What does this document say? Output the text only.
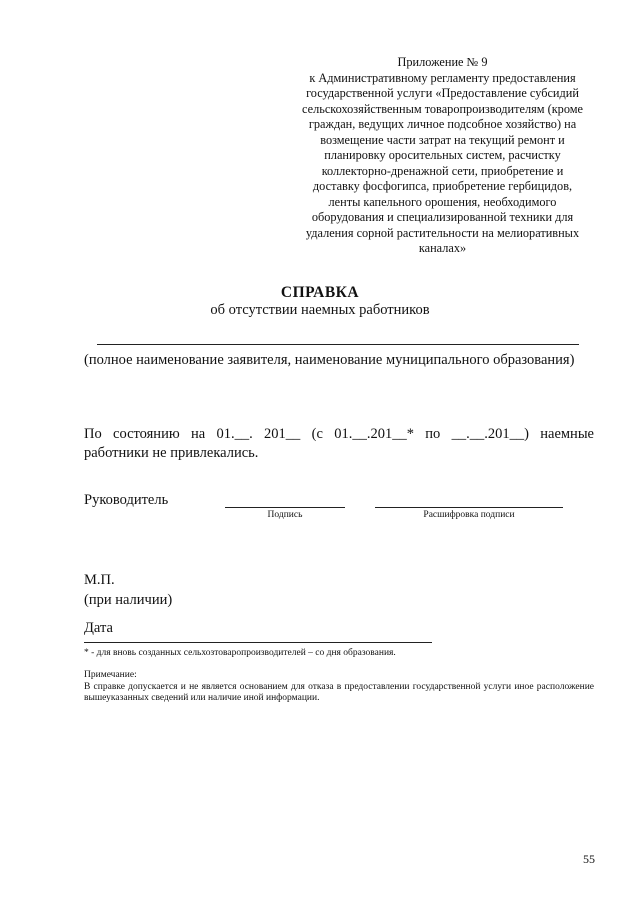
Приложение № 9
к Административному регламенту предоставления
государственной услуги «Предоставление субсидий
сельскохозяйственным товаропроизводителям (кроме
граждан, ведущих личное подсобное хозяйство) на
возмещение части затрат на текущий ремонт и
планировку оросительных систем, расчистку
коллекторно-дренажной сети, приобретение и
доставку фосфогипса, приобретение гербицидов,
ленты капельного орошения, необходимого
оборудования и специализированной техники для
удаления сорной растительности на мелиоративных
каналах»
СПРАВКА
об отсутствии наемных работников
(полное наименование заявителя, наименование муниципального образования)
По состоянию на 01.__. 201__ (с 01.__.201__* по __.__.201__) наемные
работники не привлекались.
Руководитель
Подпись	Расшифровка подписи
М.П.
(при наличии)
Дата
* - для вновь созданных сельхозтоваропроизводителей – со дня образования.
Примечание:
В справке допускается и не является основанием для отказа в предоставлении государственной услуги иное расположение вышеуказанных сведений или наличие иной информации.
55
